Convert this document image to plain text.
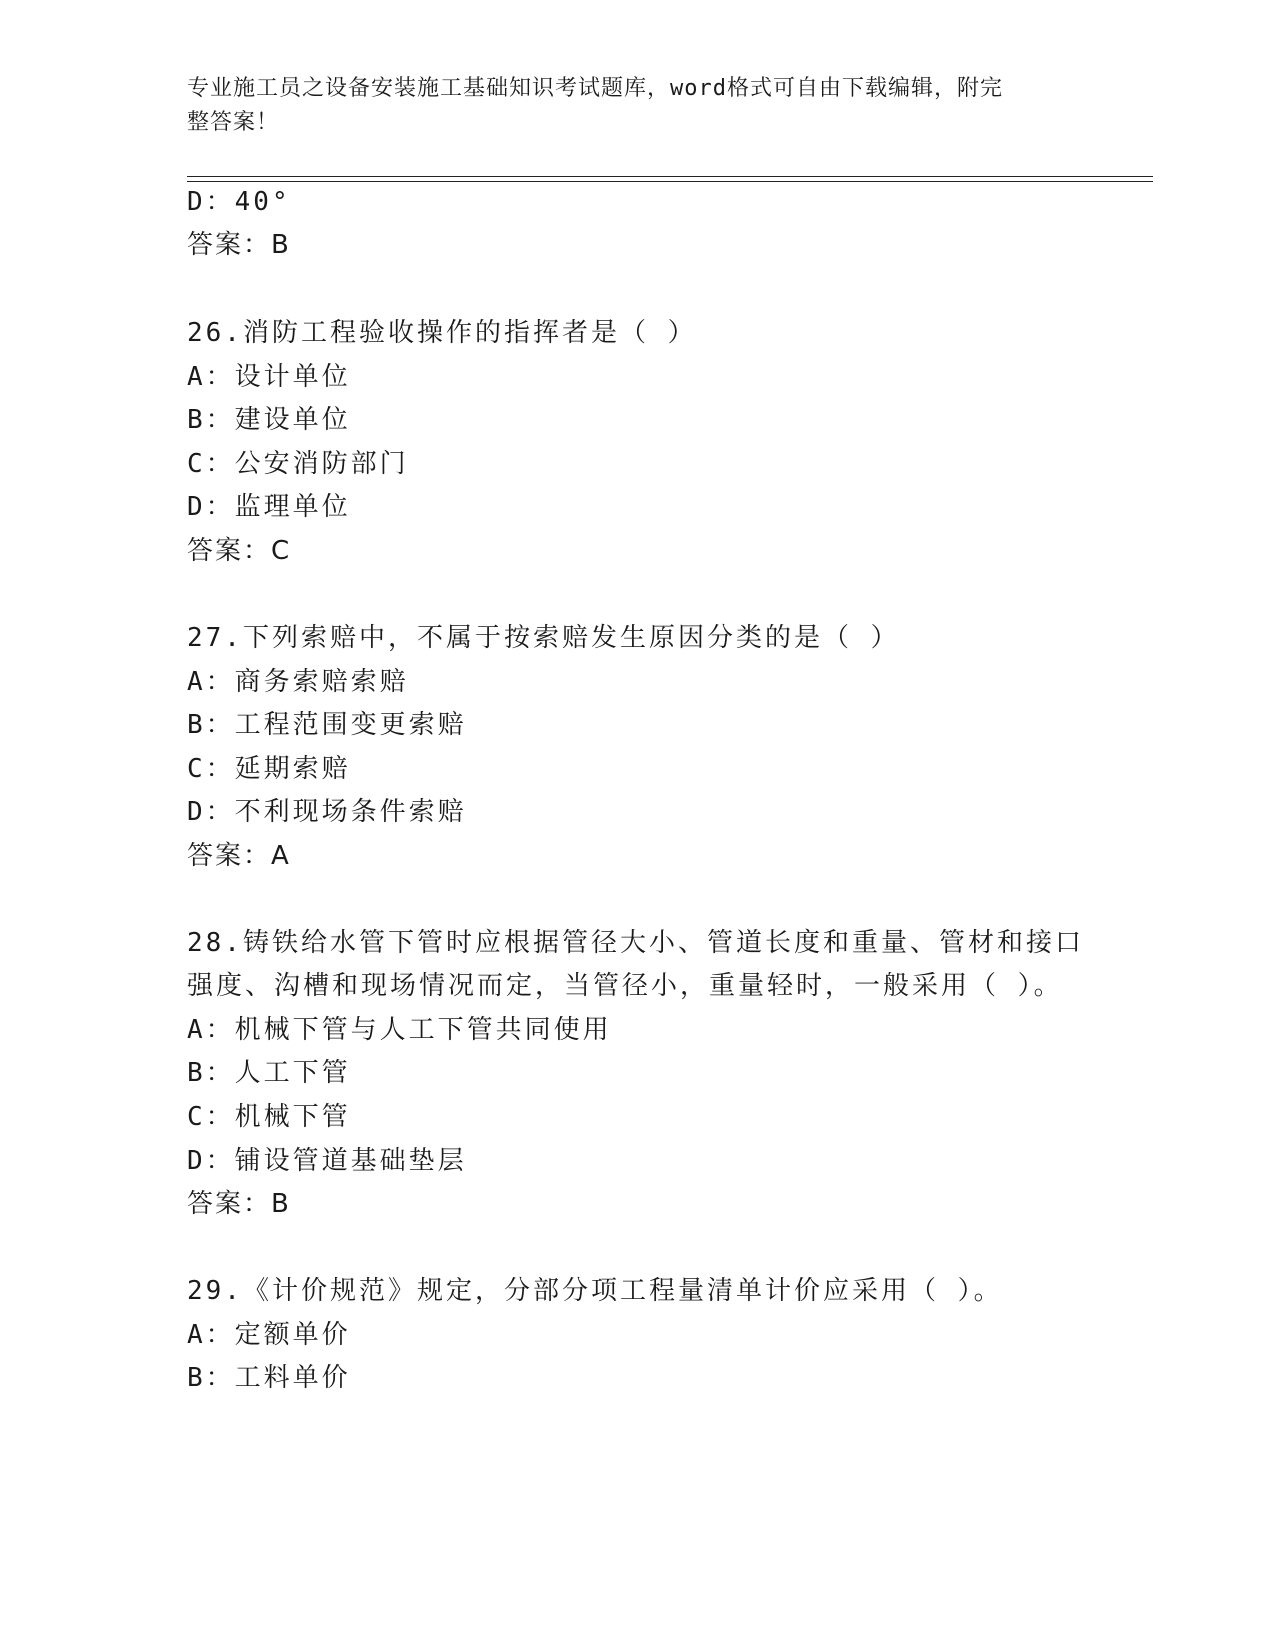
专业施工员之设备安装施工基础知识考试题库，word格式可自由下载编辑，附完
整答案！
D：40°
答案：B
26.消防工程验收操作的指挥者是（ ）
A：设计单位
B：建设单位
C：公安消防部门
D：监理单位
答案：C
27.下列索赔中，不属于按索赔发生原因分类的是（ ）
A：商务索赔索赔
B：工程范围变更索赔
C：延期索赔
D：不利现场条件索赔
答案：A
28.铸铁给水管下管时应根据管径大小、管道长度和重量、管材和接口
强度、沟槽和现场情况而定，当管径小，重量轻时，一般采用（ ）。
A：机械下管与人工下管共同使用
B：人工下管
C：机械下管
D：铺设管道基础垫层
答案：B
29.《计价规范》规定，分部分项工程量清单计价应采用（ ）。
A：定额单价
B：工料单价
